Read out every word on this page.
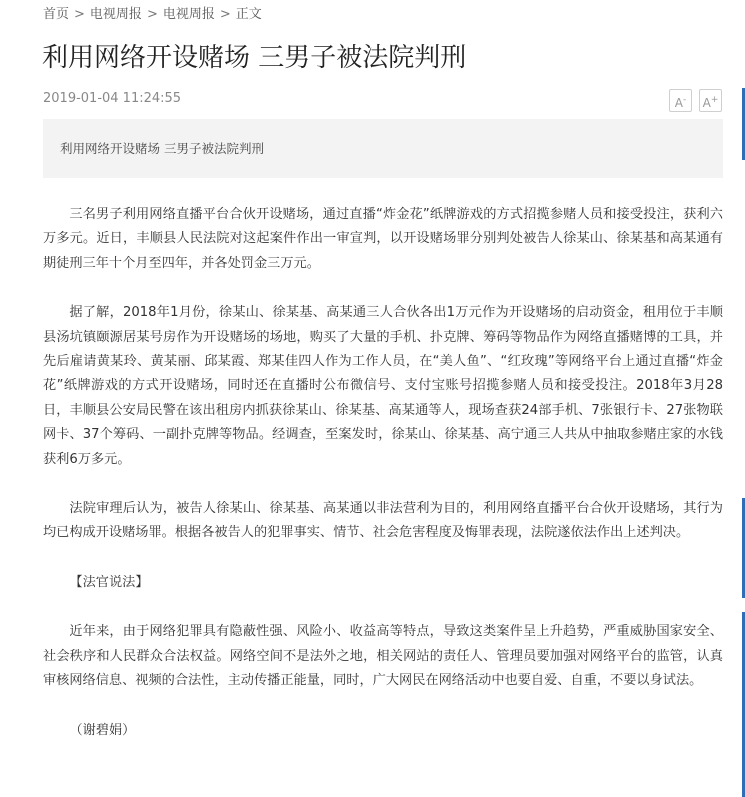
首页 > 电视周报 > 电视周报 > 正文
利用网络开设赌场 三男子被法院判刑
2019-01-04 11:24:55	A-	A+
利用网络开设赌场 三男子被法院判刑

三名男子利用网络直播平台合伙开设赌场，通过直播“炸金花”纸牌游戏的方式招揽参赌人员和接受投注，获利六万多元。近日，丰顺县人民法院对这起案件作出一审宣判，以开设赌场罪分别判处被告人徐某山、徐某基和高某通有期徒刑三年十个月至四年，并各处罚金三万元。

据了解，2018年1月份，徐某山、徐某基、高某通三人合伙各出1万元作为开设赌场的启动资金，租用位于丰顺县汤坑镇颐源居某号房作为开设赌场的场地，购买了大量的手机、扑克牌、筹码等物品作为网络直播赌博的工具，并先后雇请黄某玲、黄某丽、邱某霞、郑某佳四人作为工作人员，在“美人鱼”、“红玫瑰”等网络平台上通过直播“炸金花”纸牌游戏的方式开设赌场，同时还在直播时公布微信号、支付宝账号招揽参赌人员和接受投注。2018年3月28日，丰顺县公安局民警在该出租房内抓获徐某山、徐某基、高某通等人，现场查获24部手机、7张银行卡、27张物联网卡、37个筹码、一副扑克牌等物品。经调查，至案发时，徐某山、徐某基、高宁通三人共从中抽取参赌庄家的水钱获利6万多元。

法院审理后认为，被告人徐某山、徐某基、高某通以非法营利为目的，利用网络直播平台合伙开设赌场，其行为均已构成开设赌场罪。根据各被告人的犯罪事实、情节、社会危害程度及悔罪表现，法院遂依法作出上述判决。

【法官说法】

近年来，由于网络犯罪具有隐蔽性强、风险小、收益高等特点，导致这类案件呈上升趋势，严重威胁国家安全、社会秩序和人民群众合法权益。网络空间不是法外之地，相关网站的责任人、管理员要加强对网络平台的监管，认真审核网络信息、视频的合法性，主动传播正能量，同时，广大网民在网络活动中也要自爱、自重，不要以身试法。

（谢碧娟）
